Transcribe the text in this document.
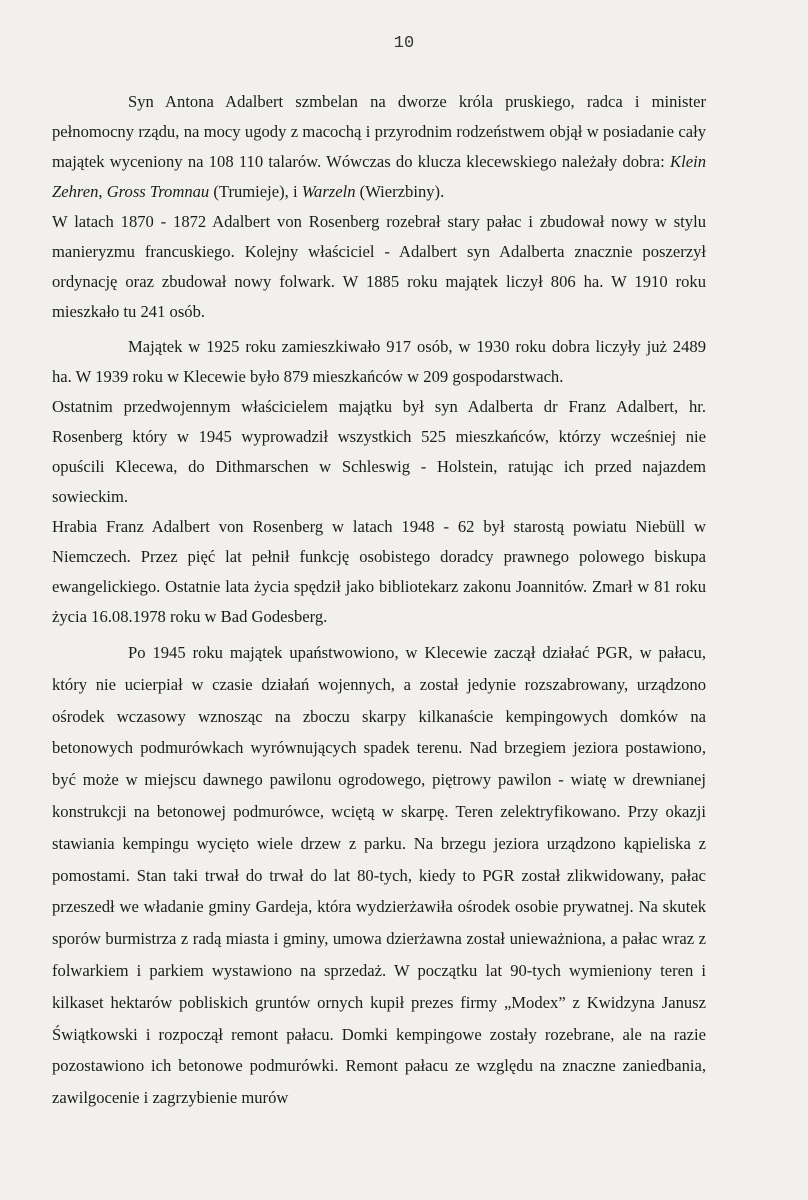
10

Syn Antona Adalbert szmbelan na dworze króla pruskiego, radca i minister pełnomocny rządu, na mocy ugody z macochą i przyrodnim rodzeństwem objął w posiadanie cały majątek wyceniony na 108 110 talarów. Wówczas do klucza klecewskiego należały dobra: Klein Zehren, Gross Tromnau (Trumieje), i Warzeln (Wierzbiny).

W latach 1870 - 1872 Adalbert von Rosenberg rozebrał stary pałac i zbudował nowy w stylu manieryzmu francuskiego. Kolejny właściciel - Adalbert syn Adalberta znacznie poszerzył ordynację oraz zbudował nowy folwark. W 1885 roku majątek liczył 806 ha. W 1910 roku mieszkało tu 241 osób.

Majątek w 1925 roku zamieszkiwało 917 osób, w 1930 roku dobra liczyły już 2489 ha. W 1939 roku w Klecewie było 879 mieszkańców w 209 gospodarstwach.

Ostatnim przedwojennym właścicielem majątku był syn Adalberta dr Franz Adalbert, hr. Rosenberg który w 1945 wyprowadził wszystkich 525 mieszkańców, którzy wcześniej nie opuścili Klecewa, do Dithmarschen w Schleswig - Holstein, ratując ich przed najazdem sowieckim.

Hrabia Franz Adalbert von Rosenberg w latach 1948 - 62 był starostą powiatu Niebüll w Niemczech. Przez pięć lat pełnił funkcję osobistego doradcy prawnego polowego biskupa ewangelickiego. Ostatnie lata życia spędził jako bibliotekarz zakonu Joannitów. Zmarł w 81 roku życia 16.08.1978 roku w Bad Godesberg.

Po 1945 roku majątek upaństwowiono, w Klecewie zaczął działać PGR, w pałacu, który nie ucierpiał w czasie działań wojennych, a został jedynie rozszabrowany, urządzono ośrodek wczasowy wznosząc na zboczu skarpy kilkanaście kempingowych domków na betonowych podmurówkach wyrównujących spadek terenu. Nad brzegiem jeziora postawiono, być może w miejscu dawnego pawilonu ogrodowego, piętrowy pawilon - wiatę w drewnianej konstrukcji na betonowej podmurówce, wciętą w skarpę. Teren zelektryfikowano. Przy okazji stawiania kempingu wycięto wiele drzew z parku. Na brzegu jeziora urządzono kąpieliska z pomostami. Stan taki trwał do trwał do lat 80-tych, kiedy to PGR został zlikwidowany, pałac przeszedł we władanie gminy Gardeja, która wydzierżawiła ośrodek osobie prywatnej. Na skutek sporów burmistrza z radą miasta i gminy, umowa dzierżawna został unieważniona, a pałac wraz z folwarkiem i parkiem wystawiono na sprzedaż. W początku lat 90-tych wymieniony teren i kilkaset hektarów pobliskich gruntów ornych kupił prezes firmy „Modex” z Kwidzyna Janusz Świątkowski i rozpoczął remont pałacu. Domki kempingowe zostały rozebrane, ale na razie pozostawiono ich betonowe podmurówki. Remont pałacu ze względu na znaczne zaniedbania, zawilgocenie i zagrzybienie murów
